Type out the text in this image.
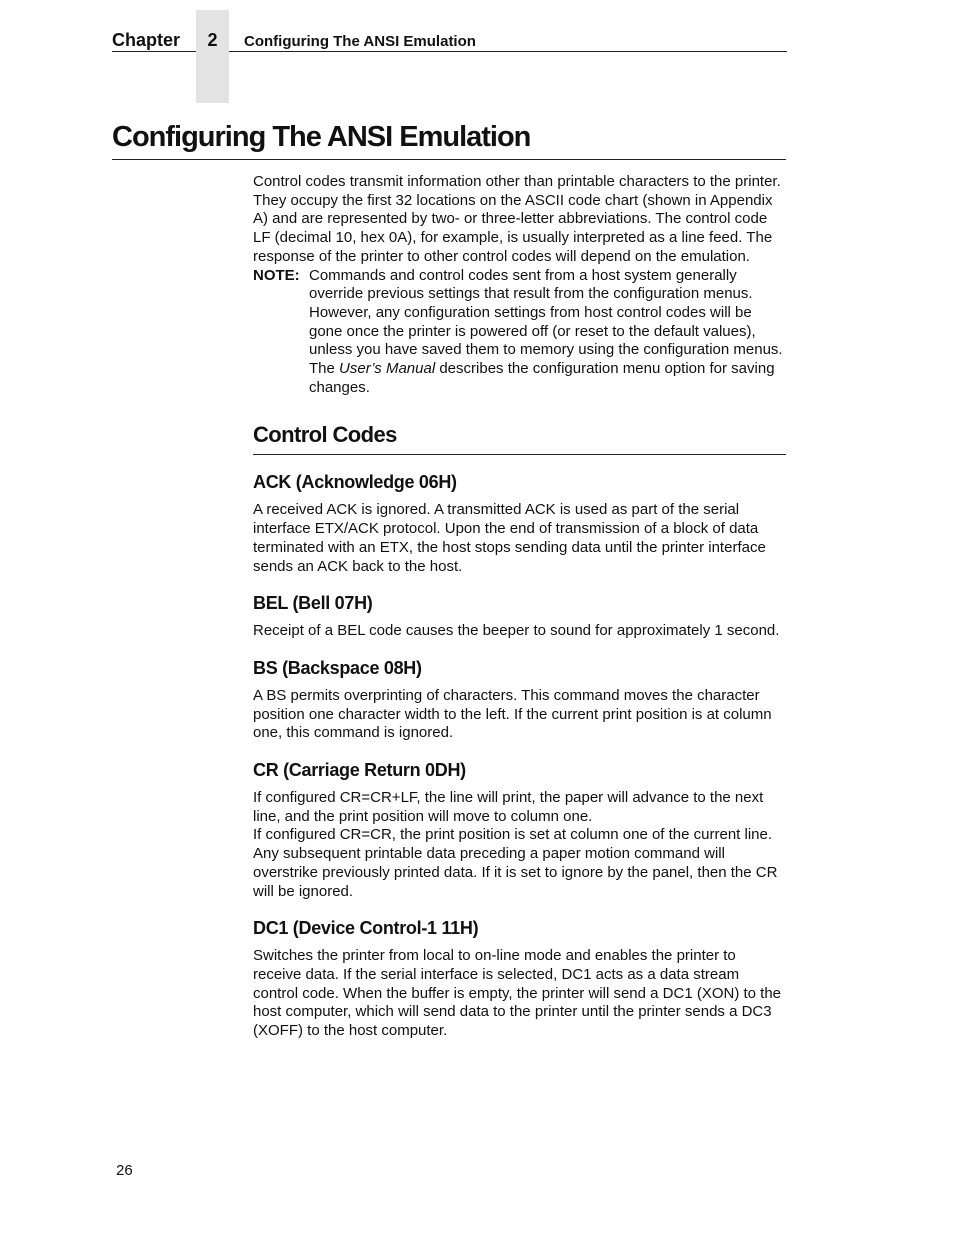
Chapter	2	Configuring The ANSI Emulation
Configuring The ANSI Emulation

Control codes transmit information other than printable characters to the printer. They occupy the first 32 locations on the ASCII code chart (shown in Appendix A) and are represented by two- or three-letter abbreviations. The control code LF (decimal 10, hex 0A), for example, is usually interpreted as a line feed. The response of the printer to other control codes will depend on the emulation.

NOTE: Commands and control codes sent from a host system generally override previous settings that result from the configuration menus. However, any configuration settings from host control codes will be gone once the printer is powered off (or reset to the default values), unless you have saved them to memory using the configuration menus. The User’s Manual describes the configuration menu option for saving changes.

Control Codes
ACK (Acknowledge 06H)

A received ACK is ignored. A transmitted ACK is used as part of the serial interface ETX/ACK protocol. Upon the end of transmission of a block of data terminated with an ETX, the host stops sending data until the printer interface sends an ACK back to the host.

BEL (Bell 07H)

Receipt of a BEL code causes the beeper to sound for approximately 1 second.

BS (Backspace 08H)

A BS permits overprinting of characters. This command moves the character position one character width to the left. If the current print position is at column one, this command is ignored.

CR (Carriage Return 0DH)

If configured CR=CR+LF, the line will print, the paper will advance to the next line, and the print position will move to column one.

If configured CR=CR, the print position is set at column one of the current line. Any subsequent printable data preceding a paper motion command will overstrike previously printed data. If it is set to ignore by the panel, then the CR will be ignored.

DC1 (Device Control-1 11H)

Switches the printer from local to on-line mode and enables the printer to receive data. If the serial interface is selected, DC1 acts as a data stream control code. When the buffer is empty, the printer will send a DC1 (XON) to the host computer, which will send data to the printer until the printer sends a DC3 (XOFF) to the host computer.

26
